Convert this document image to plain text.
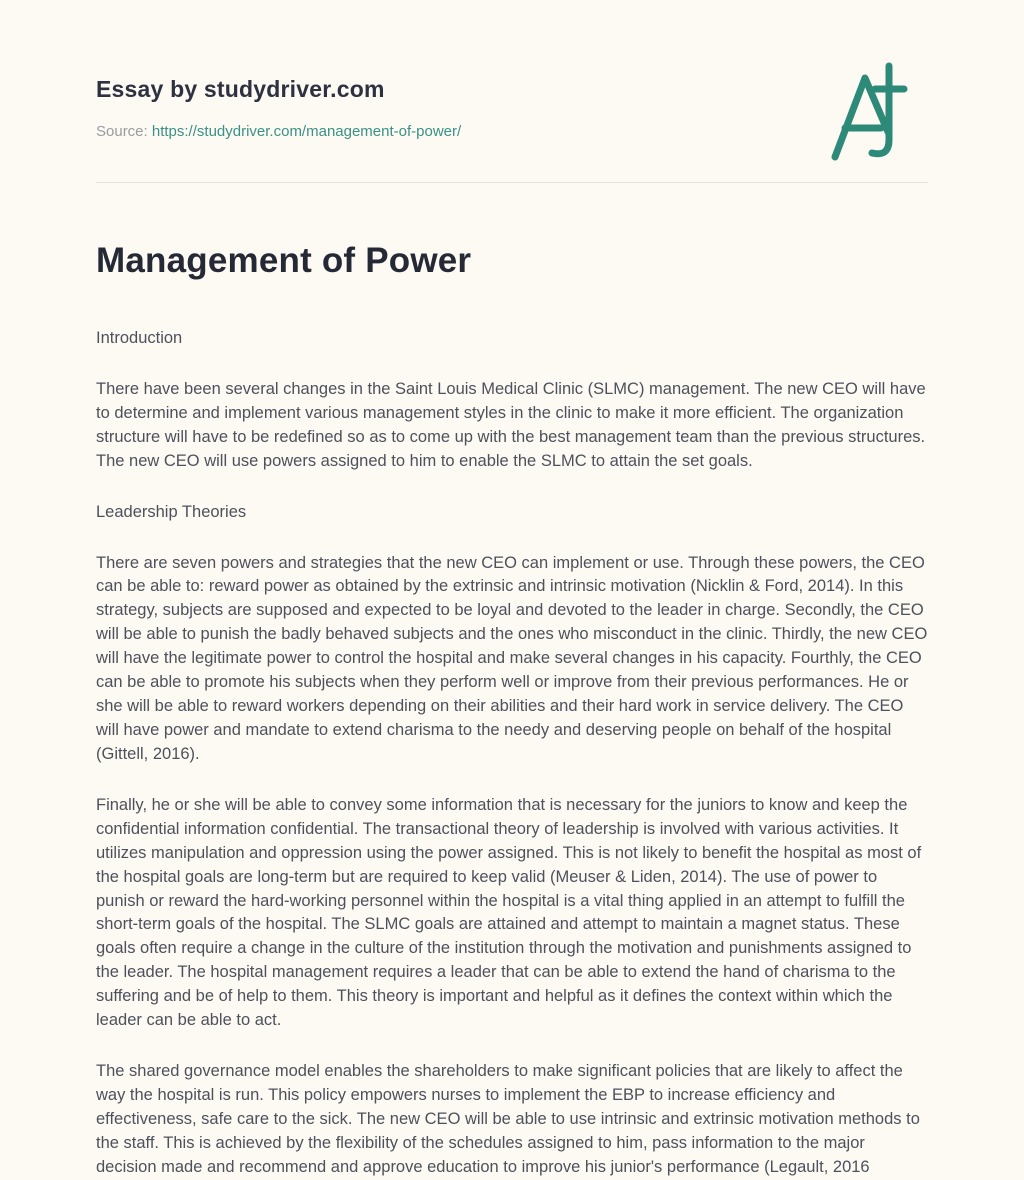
Essay by studydriver.com
Source: https://studydriver.com/management-of-power/
Management of Power

Introduction

There have been several changes in the Saint Louis Medical Clinic (SLMC) management. The new CEO will have to determine and implement various management styles in the clinic to make it more efficient. The organization structure will have to be redefined so as to come up with the best management team than the previous structures. The new CEO will use powers assigned to him to enable the SLMC to attain the set goals.

Leadership Theories

There are seven powers and strategies that the new CEO can implement or use. Through these powers, the CEO can be able to: reward power as obtained by the extrinsic and intrinsic motivation (Nicklin & Ford, 2014). In this strategy, subjects are supposed and expected to be loyal and devoted to the leader in charge. Secondly, the CEO will be able to punish the badly behaved subjects and the ones who misconduct in the clinic. Thirdly, the new CEO will have the legitimate power to control the hospital and make several changes in his capacity. Fourthly, the CEO can be able to promote his subjects when they perform well or improve from their previous performances. He or she will be able to reward workers depending on their abilities and their hard work in service delivery. The CEO will have power and mandate to extend charisma to the needy and deserving people on behalf of the hospital (Gittell, 2016).

Finally, he or she will be able to convey some information that is necessary for the juniors to know and keep the confidential information confidential. The transactional theory of leadership is involved with various activities. It utilizes manipulation and oppression using the power assigned. This is not likely to benefit the hospital as most of the hospital goals are long-term but are required to keep valid (Meuser & Liden, 2014). The use of power to punish or reward the hard-working personnel within the hospital is a vital thing applied in an attempt to fulfill the short-term goals of the hospital. The SLMC goals are attained and attempt to maintain a magnet status. These goals often require a change in the culture of the institution through the motivation and punishments assigned to the leader. The hospital management requires a leader that can be able to extend the hand of charisma to the suffering and be of help to them. This theory is important and helpful as it defines the context within which the leader can be able to act.

The shared governance model enables the shareholders to make significant policies that are likely to affect the way the hospital is run. This policy empowers nurses to implement the EBP to increase efficiency and effectiveness, safe care to the sick. The new CEO will be able to use intrinsic and extrinsic motivation methods to the staff. This is achieved by the flexibility of the schedules assigned to him, pass information to the major decision made and recommend and approve education to improve his junior's performance (Legault, 2016
